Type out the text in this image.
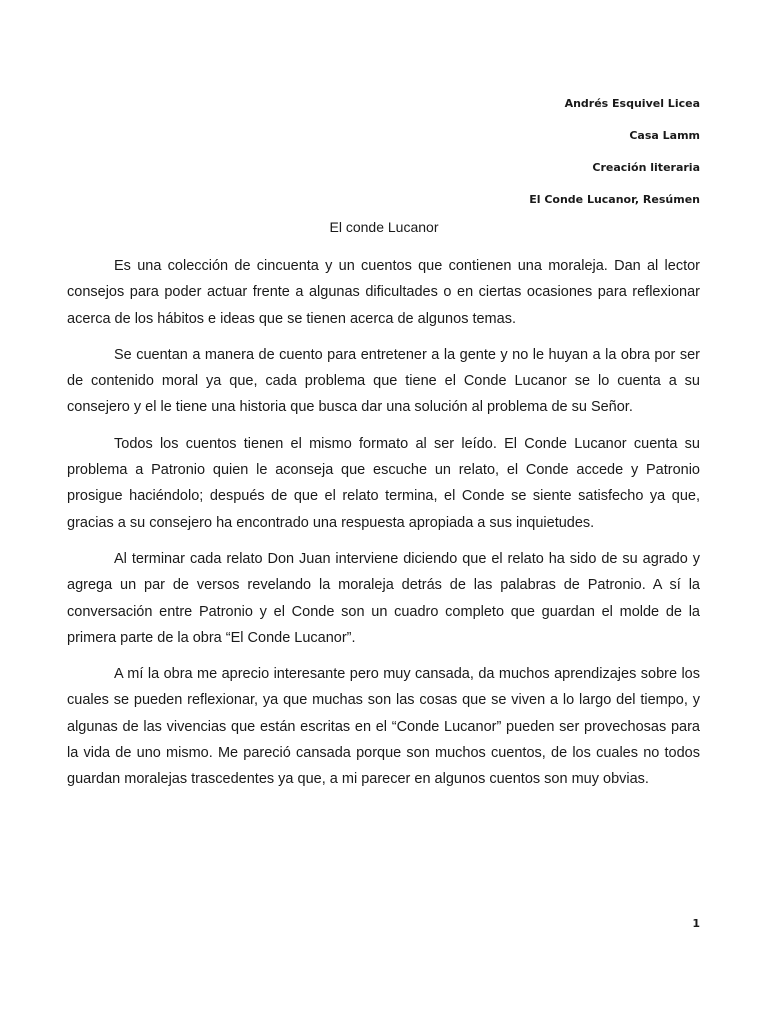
Andrés Esquivel Licea
Casa Lamm
Creación literaria
El Conde Lucanor, Resúmen
El conde Lucanor

Es una colección de cincuenta y un cuentos que contienen una moraleja. Dan al lector consejos para poder actuar frente a algunas dificultades o en ciertas ocasiones para reflexionar acerca de los hábitos e ideas que se tienen acerca de algunos temas.

Se cuentan a manera de cuento para entretener a la gente y no le huyan a la obra por ser de contenido moral ya que, cada problema que tiene el Conde Lucanor se lo cuenta a su consejero y el le tiene una historia que busca dar una solución al problema de su Señor.

Todos los cuentos tienen el mismo formato al ser leído. El Conde Lucanor cuenta su problema a Patronio quien le aconseja que escuche un relato, el Conde accede y Patronio prosigue haciéndolo; después de que el relato termina, el Conde se siente satisfecho ya que, gracias a su consejero ha encontrado una respuesta apropiada a sus inquietudes.

Al terminar cada relato Don Juan interviene diciendo que el relato ha sido de su agrado y agrega un par de versos revelando la moraleja detrás de las palabras de Patronio. A sí la conversación entre Patronio y el Conde son un cuadro completo que guardan el molde de la primera parte de la obra “El Conde Lucanor”.

A mí la obra me aprecio interesante pero muy cansada, da muchos aprendizajes sobre los cuales se pueden reflexionar, ya que muchas son las cosas que se viven a lo largo del tiempo, y algunas de las vivencias que están escritas en el “Conde Lucanor” pueden ser provechosas para la vida de uno mismo. Me pareció cansada porque son muchos cuentos, de los cuales no todos guardan moralejas trascedentes ya que, a mi parecer en algunos cuentos son muy obvias.

1
